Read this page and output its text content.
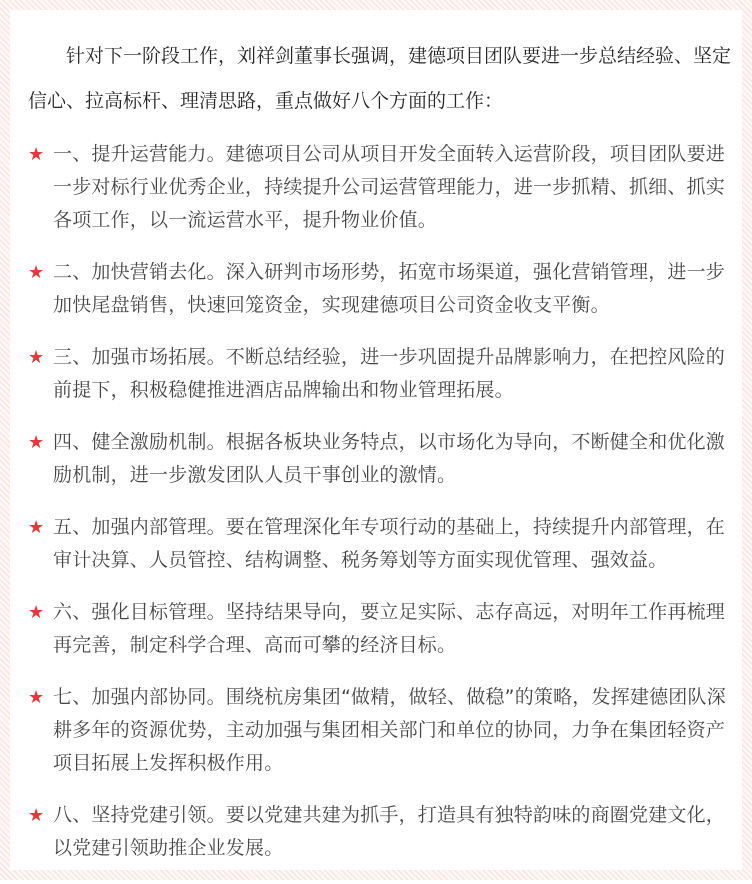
针对下一阶段工作，刘祥剑董事长强调，建德项目团队要进一步总结经验、坚定信心、拉高标杆、理清思路，重点做好八个方面的工作：

★ 一、提升运营能力。建德项目公司从项目开发全面转入运营阶段，项目团队要进一步对标行业优秀企业，持续提升公司运营管理能力，进一步抓精、抓细、抓实各项工作，以一流运营水平，提升物业价值。
★ 二、加快营销去化。深入研判市场形势，拓宽市场渠道，强化营销管理，进一步加快尾盘销售，快速回笼资金，实现建德项目公司资金收支平衡。
★ 三、加强市场拓展。不断总结经验，进一步巩固提升品牌影响力，在把控风险的前提下，积极稳健推进酒店品牌输出和物业管理拓展。
★ 四、健全激励机制。根据各板块业务特点，以市场化为导向，不断健全和优化激励机制，进一步激发团队人员干事创业的激情。
★ 五、加强内部管理。要在管理深化年专项行动的基础上，持续提升内部管理，在审计决算、人员管控、结构调整、税务筹划等方面实现优管理、强效益。
★ 六、强化目标管理。坚持结果导向，要立足实际、志存高远，对明年工作再梳理再完善，制定科学合理、高而可攀的经济目标。
★ 七、加强内部协同。围绕杭房集团“做精，做轻、做稳”的策略，发挥建德团队深耕多年的资源优势，主动加强与集团相关部门和单位的协同，力争在集团轻资产项目拓展上发挥积极作用。
★ 八、坚持党建引领。要以党建共建为抓手，打造具有独特韵味的商圈党建文化，以党建引领助推企业发展。
